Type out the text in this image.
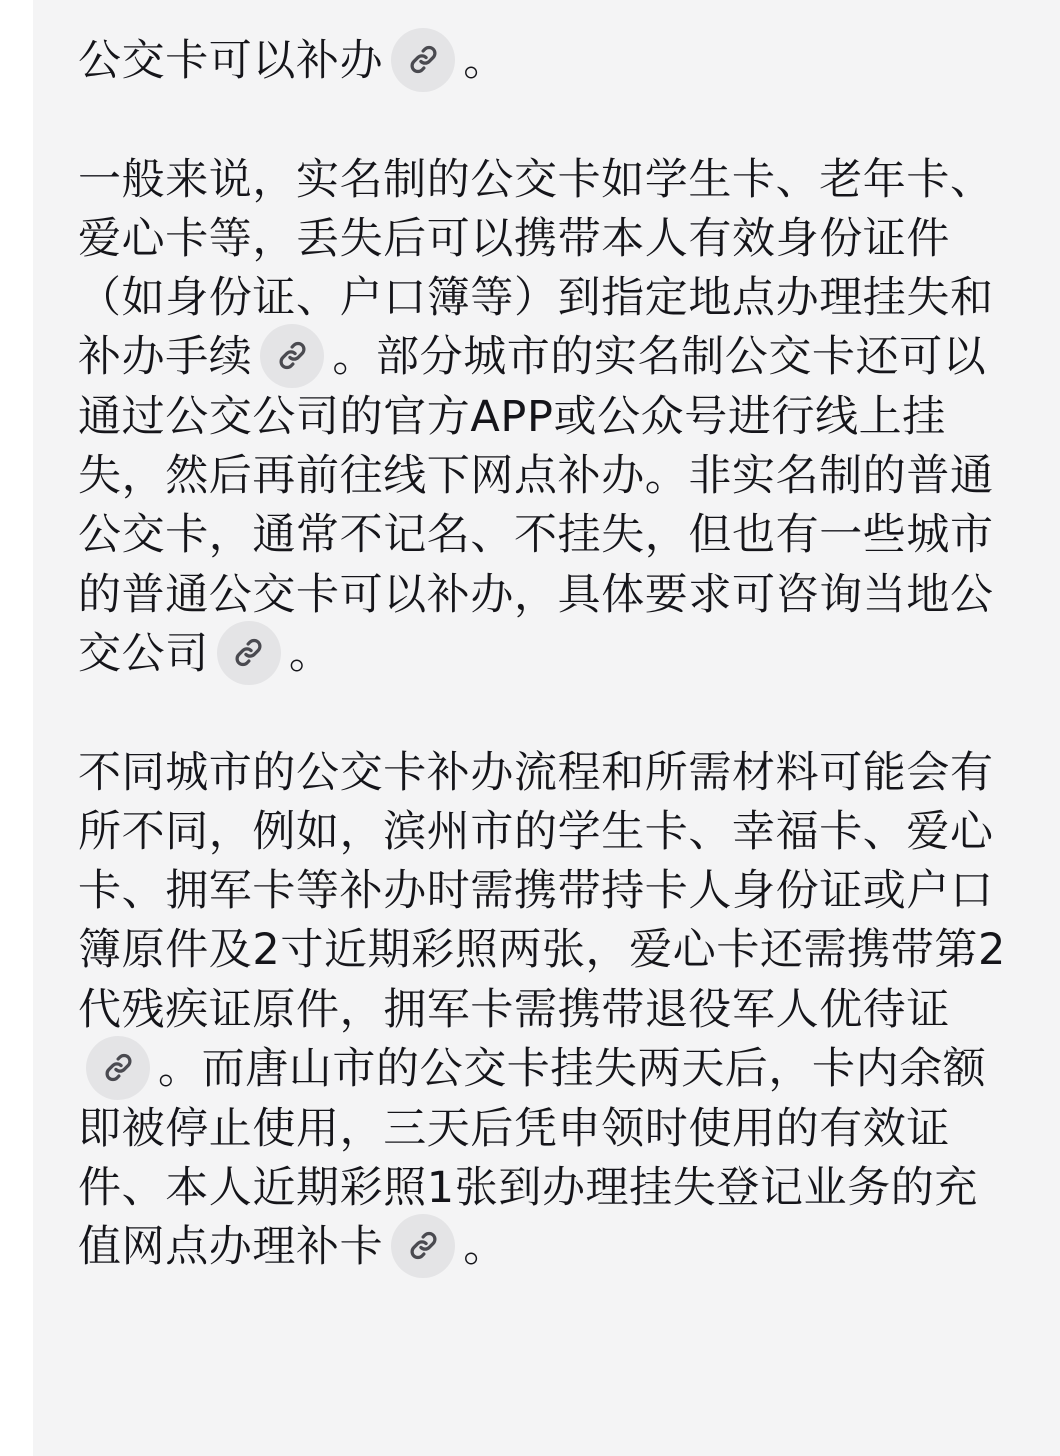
公交卡可以补办 。

一般来说，实名制的公交卡如学生卡、老年卡、爱心卡等，丢失后可以携带本人有效身份证件（如身份证、户口簿等）到指定地点办理挂失和补办手续 。部分城市的实名制公交卡还可以通过公交公司的官方APP或公众号进行线上挂失，然后再前往线下网点补办。非实名制的普通公交卡，通常不记名、不挂失，但也有一些城市的普通公交卡可以补办，具体要求可咨询当地公交公司 。

不同城市的公交卡补办流程和所需材料可能会有所不同，例如，滨州市的学生卡、幸福卡、爱心卡、拥军卡等补办时需携带持卡人身份证或户口簿原件及2寸近期彩照两张，爱心卡还需携带第2代残疾证原件，拥军卡需携带退役军人优待证
。而唐山市的公交卡挂失两天后，卡内余额即被停止使用，三天后凭申领时使用的有效证件、本人近期彩照1张到办理挂失登记业务的充值网点办理补卡 。
